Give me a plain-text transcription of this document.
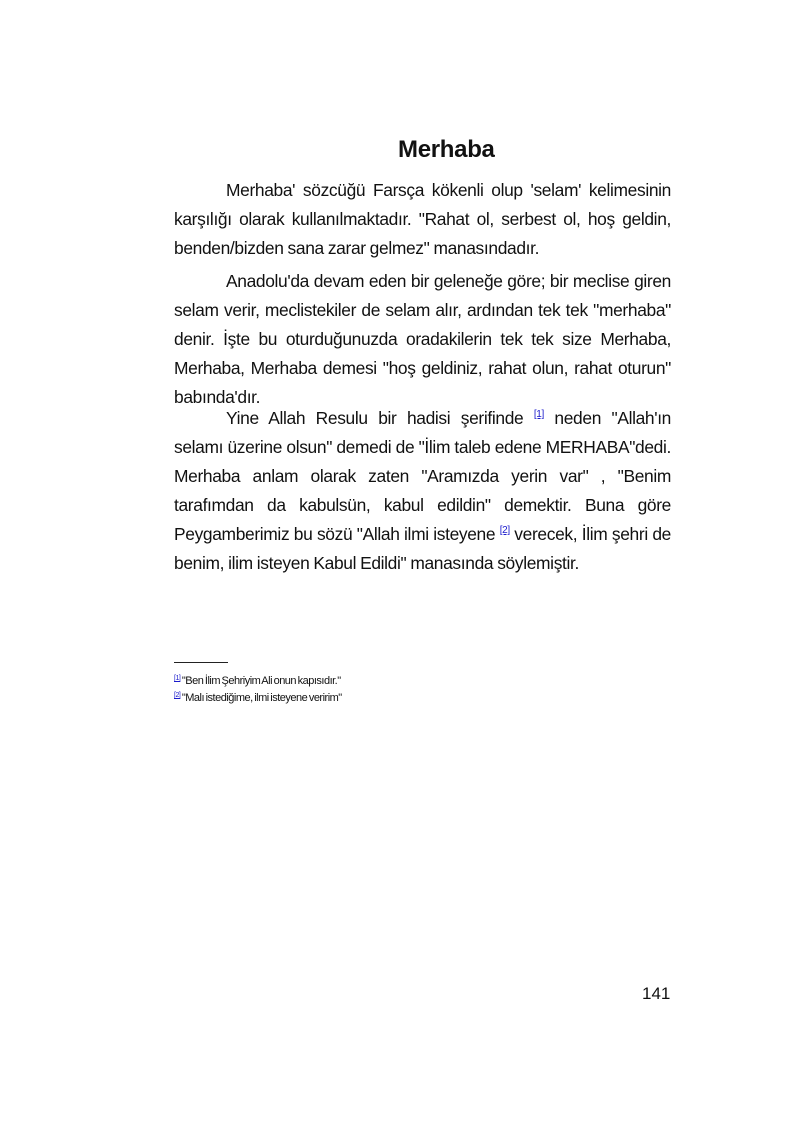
Merhaba

Merhaba' sözcüğü Farsça kökenli olup 'selam' kelimesinin karşılığı olarak kullanılmaktadır. "Rahat ol, serbest ol, hoş geldin, benden/bizden sana zarar gelmez" manasındadır.

Anadolu'da devam eden bir geleneğe göre; bir meclise giren selam verir, meclistekiler de selam alır, ardından tek tek "merhaba" denir. İşte bu oturduğunuzda oradakilerin tek tek size Merhaba, Merhaba, Merhaba demesi "hoş geldiniz, rahat olun, rahat oturun" babında'dır.

Yine Allah Resulu bir hadisi şerifinde [1] neden "Allah'ın selamı üzerine olsun" demedi de "İlim taleb edene MERHABA"dedi. Merhaba anlam olarak zaten "Aramızda yerin var" , "Benim tarafımdan da kabulsün, kabul edildin" demektir. Buna göre Peygamberimiz bu sözü "Allah ilmi isteyene [2] verecek, İlim şehri de benim, ilim isteyen Kabul Edildi" manasında söylemiştir.

[1] "Ben İlim Şehriyim Ali onun kapısıdır."
[2] "Malı istediğime, ilmi isteyene veririm"
141
